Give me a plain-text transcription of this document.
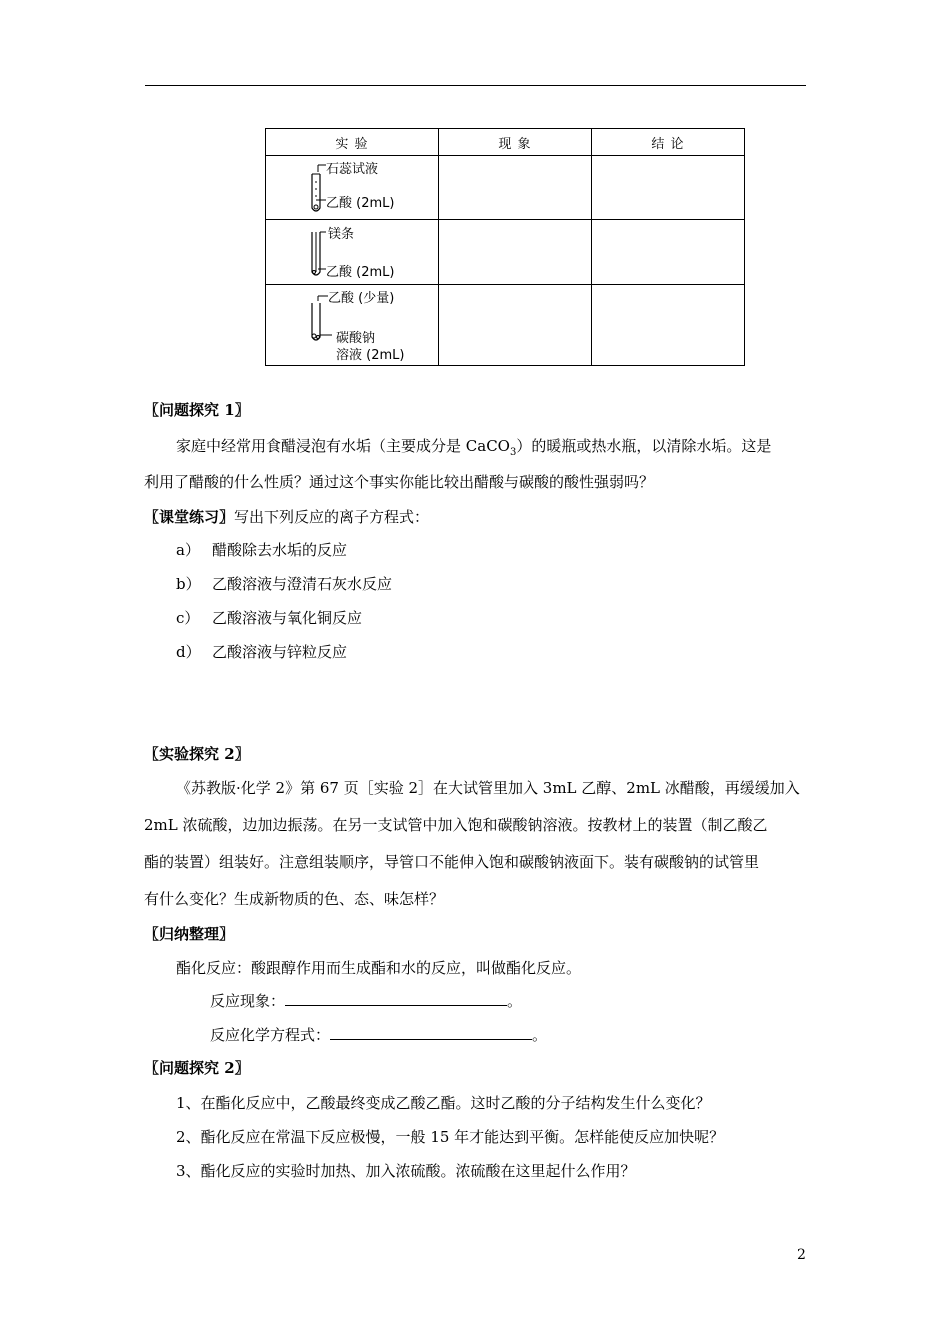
实 验	现 象	结 论

石蕊试液
乙酸 (2mL)		

镁条
乙酸 (2mL)		

乙酸 (少量)
碳酸钠
溶液 (2mL)		

〖问题探究 1〗
家庭中经常用食醋浸泡有水垢（主要成分是 CaCO$_3$）的暖瓶或热水瓶，以清除水垢。这是
利用了醋酸的什么性质？通过这个事实你能比较出醋酸与碳酸的酸性强弱吗？
〖课堂练习〗写出下列反应的离子方程式：
a） 醋酸除去水垢的反应
b） 乙酸溶液与澄清石灰水反应
c） 乙酸溶液与氧化铜反应
d） 乙酸溶液与锌粒反应
〖实验探究 2〗
《苏教版·化学 2》第 67 页［实验 2］在大试管里加入 3mL 乙醇、2mL 冰醋酸，再缓缓加入
2mL 浓硫酸，边加边振荡。在另一支试管中加入饱和碳酸钠溶液。按教材上的装置（制乙酸乙
酯的装置）组装好。注意组装顺序，导管口不能伸入饱和碳酸钠液面下。装有碳酸钠的试管里
有什么变化？生成新物质的色、态、味怎样？
〖归纳整理〗
酯化反应：酸跟醇作用而生成酯和水的反应，叫做酯化反应。
反应现象：	。
反应化学方程式：	。
〖问题探究 2〗
1、在酯化反应中，乙酸最终变成乙酸乙酯。这时乙酸的分子结构发生什么变化？
2、酯化反应在常温下反应极慢，一般 15 年才能达到平衡。怎样能使反应加快呢？
3、酯化反应的实验时加热、加入浓硫酸。浓硫酸在这里起什么作用？
2
